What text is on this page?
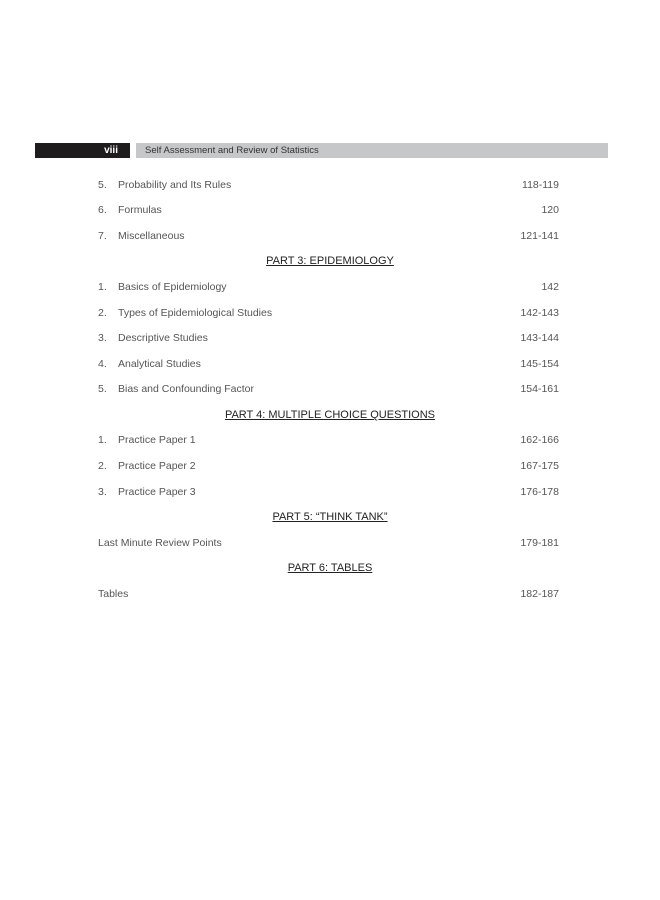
viii	Self Assessment and Review of Statistics
5. Probability and Its Rules	118-119
6. Formulas	120
7. Miscellaneous	121-141
PART 3: EPIDEMIOLOGY
1. Basics of Epidemiology	142
2. Types of Epidemiological Studies	142-143
3. Descriptive Studies	143-144
4. Analytical Studies	145-154
5. Bias and Confounding Factor	154-161
PART 4: MULTIPLE CHOICE QUESTIONS
1. Practice Paper 1	162-166
2. Practice Paper 2	167-175
3. Practice Paper 3	176-178
PART 5: “THINK TANK”
Last Minute Review Points	179-181
PART 6: TABLES
Tables	182-187
